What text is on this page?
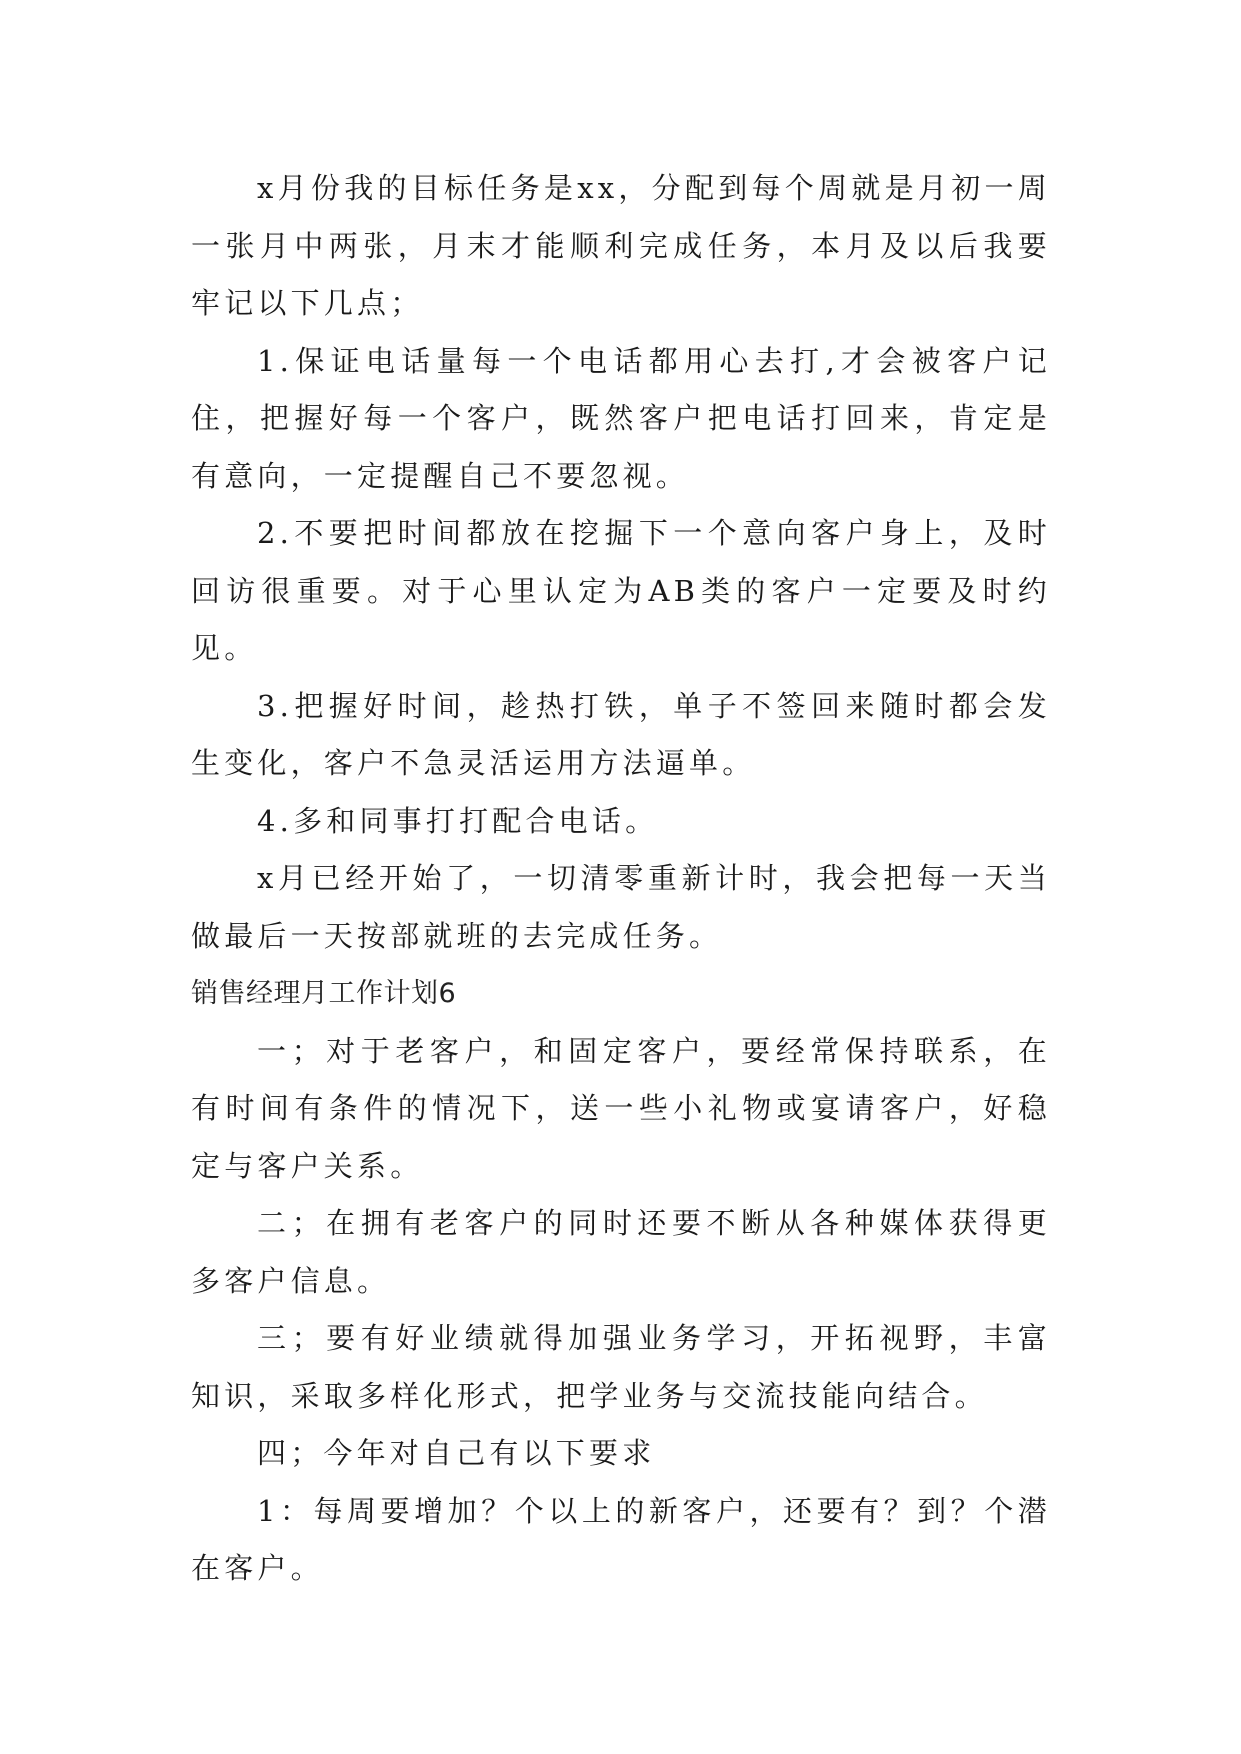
x月份我的目标任务是xx，分配到每个周就是月初一周一张月中两张，月末才能顺利完成任务，本月及以后我要牢记以下几点；

1.保证电话量每一个电话都用心去打,才会被客户记住，把握好每一个客户，既然客户把电话打回来，肯定是有意向，一定提醒自己不要忽视。

2.不要把时间都放在挖掘下一个意向客户身上，及时回访很重要。对于心里认定为AB类的客户一定要及时约见。

3.把握好时间，趁热打铁，单子不签回来随时都会发生变化，客户不急灵活运用方法逼单。

4.多和同事打打配合电话。

x月已经开始了，一切清零重新计时，我会把每一天当做最后一天按部就班的去完成任务。

销售经理月工作计划6

一；对于老客户，和固定客户，要经常保持联系，在有时间有条件的情况下，送一些小礼物或宴请客户，好稳定与客户关系。

二；在拥有老客户的同时还要不断从各种媒体获得更多客户信息。

三；要有好业绩就得加强业务学习，开拓视野，丰富知识，采取多样化形式，把学业务与交流技能向结合。

四；今年对自己有以下要求

1：每周要增加？个以上的新客户，还要有？到？个潜在客户。
